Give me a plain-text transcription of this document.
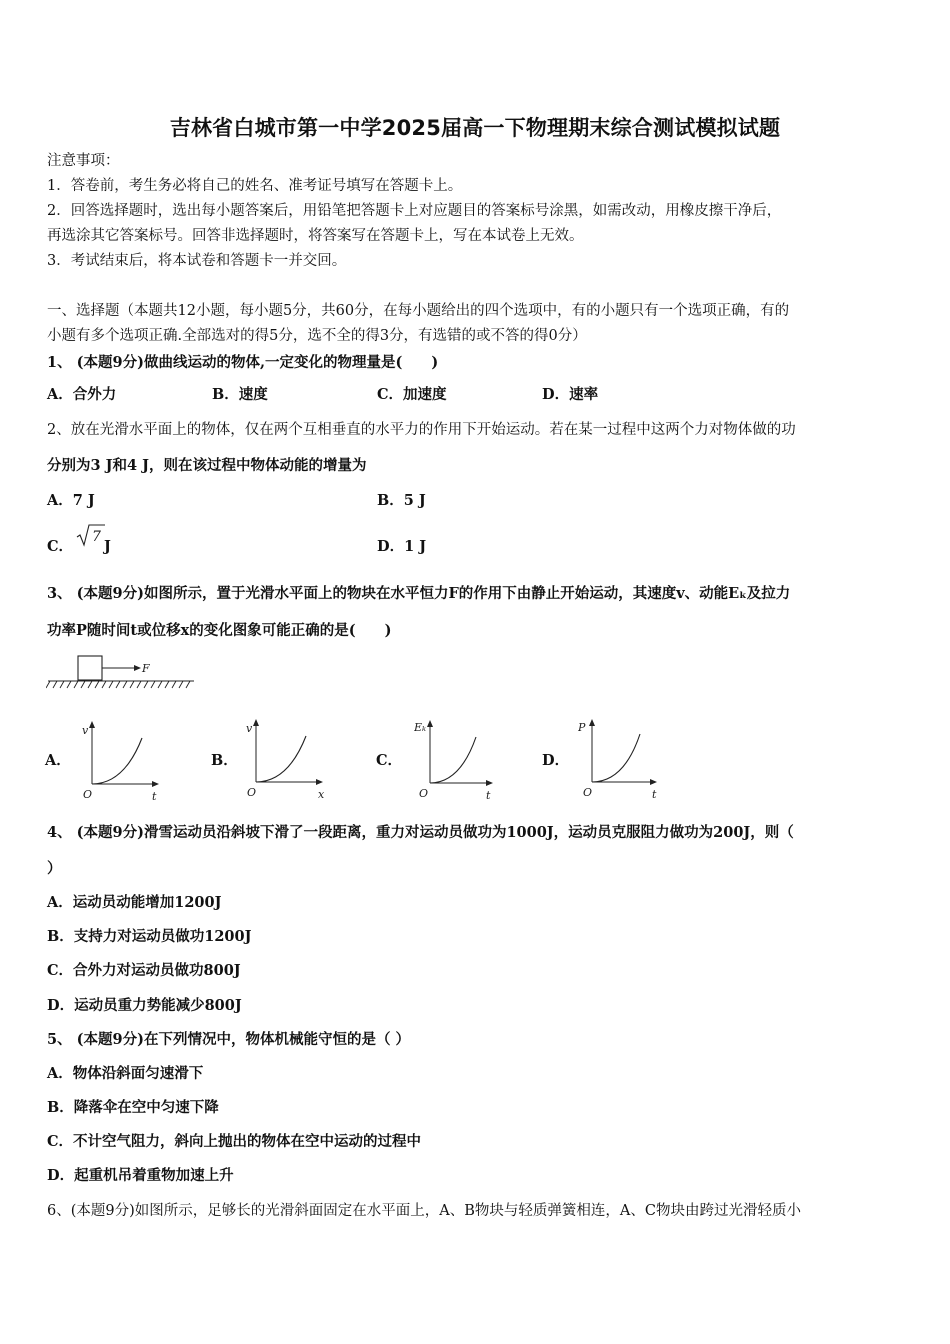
吉林省白城市第一中学2025届高一下物理期末综合测试模拟试题
注意事项：
1．答卷前，考生务必将自己的姓名、准考证号填写在答题卡上。
2．回答选择题时，选出每小题答案后，用铅笔把答题卡上对应题目的答案标号涂黑，如需改动，用橡皮擦干净后，
再选涂其它答案标号。回答非选择题时，将答案写在答题卡上，写在本试卷上无效。
3．考试结束后，将本试卷和答题卡一并交回。
一、选择题（本题共12小题，每小题5分，共60分，在每小题给出的四个选项中，有的小题只有一个选项正确，有的
小题有多个选项正确.全部选对的得5分，选不全的得3分，有选错的或不答的得0分）
1、 (本题9分)做曲线运动的物体,一定变化的物理量是(　　)
A．合外力	B．速度	C．加速度	D．速率
2、放在光滑水平面上的物体，仅在两个互相垂直的水平力的作用下开始运动。若在某一过程中这两个力对物体做的功
分别为3 J和4 J，则在该过程中物体动能的增量为
A．7 J	B．5 J
C．
7
J	D．1 J
3、 (本题9分)如图所示，置于光滑水平面上的物块在水平恒力F的作用下由静止开始运动，其速度v、动能Eₖ及拉力
功率P随时间t或位移x的变化图象可能正确的是(　　)
F
A．
v
O	t
B．
v
O	x
C．
Eₖ
O	t
D．
P
O	t
4、 (本题9分)滑雪运动员沿斜坡下滑了一段距离，重力对运动员做功为1000J，运动员克服阻力做功为200J，则（
）
A．运动员动能增加1200J
B．支持力对运动员做功1200J
C．合外力对运动员做功800J
D．运动员重力势能减少800J
5、 (本题9分)在下列情况中，物体机械能守恒的是（ ）
A．物体沿斜面匀速滑下
B．降落伞在空中匀速下降
C．不计空气阻力，斜向上抛出的物体在空中运动的过程中
D．起重机吊着重物加速上升
6、(本题9分)如图所示，足够长的光滑斜面固定在水平面上，A、B物块与轻质弹簧相连，A、C物块由跨过光滑轻质小
